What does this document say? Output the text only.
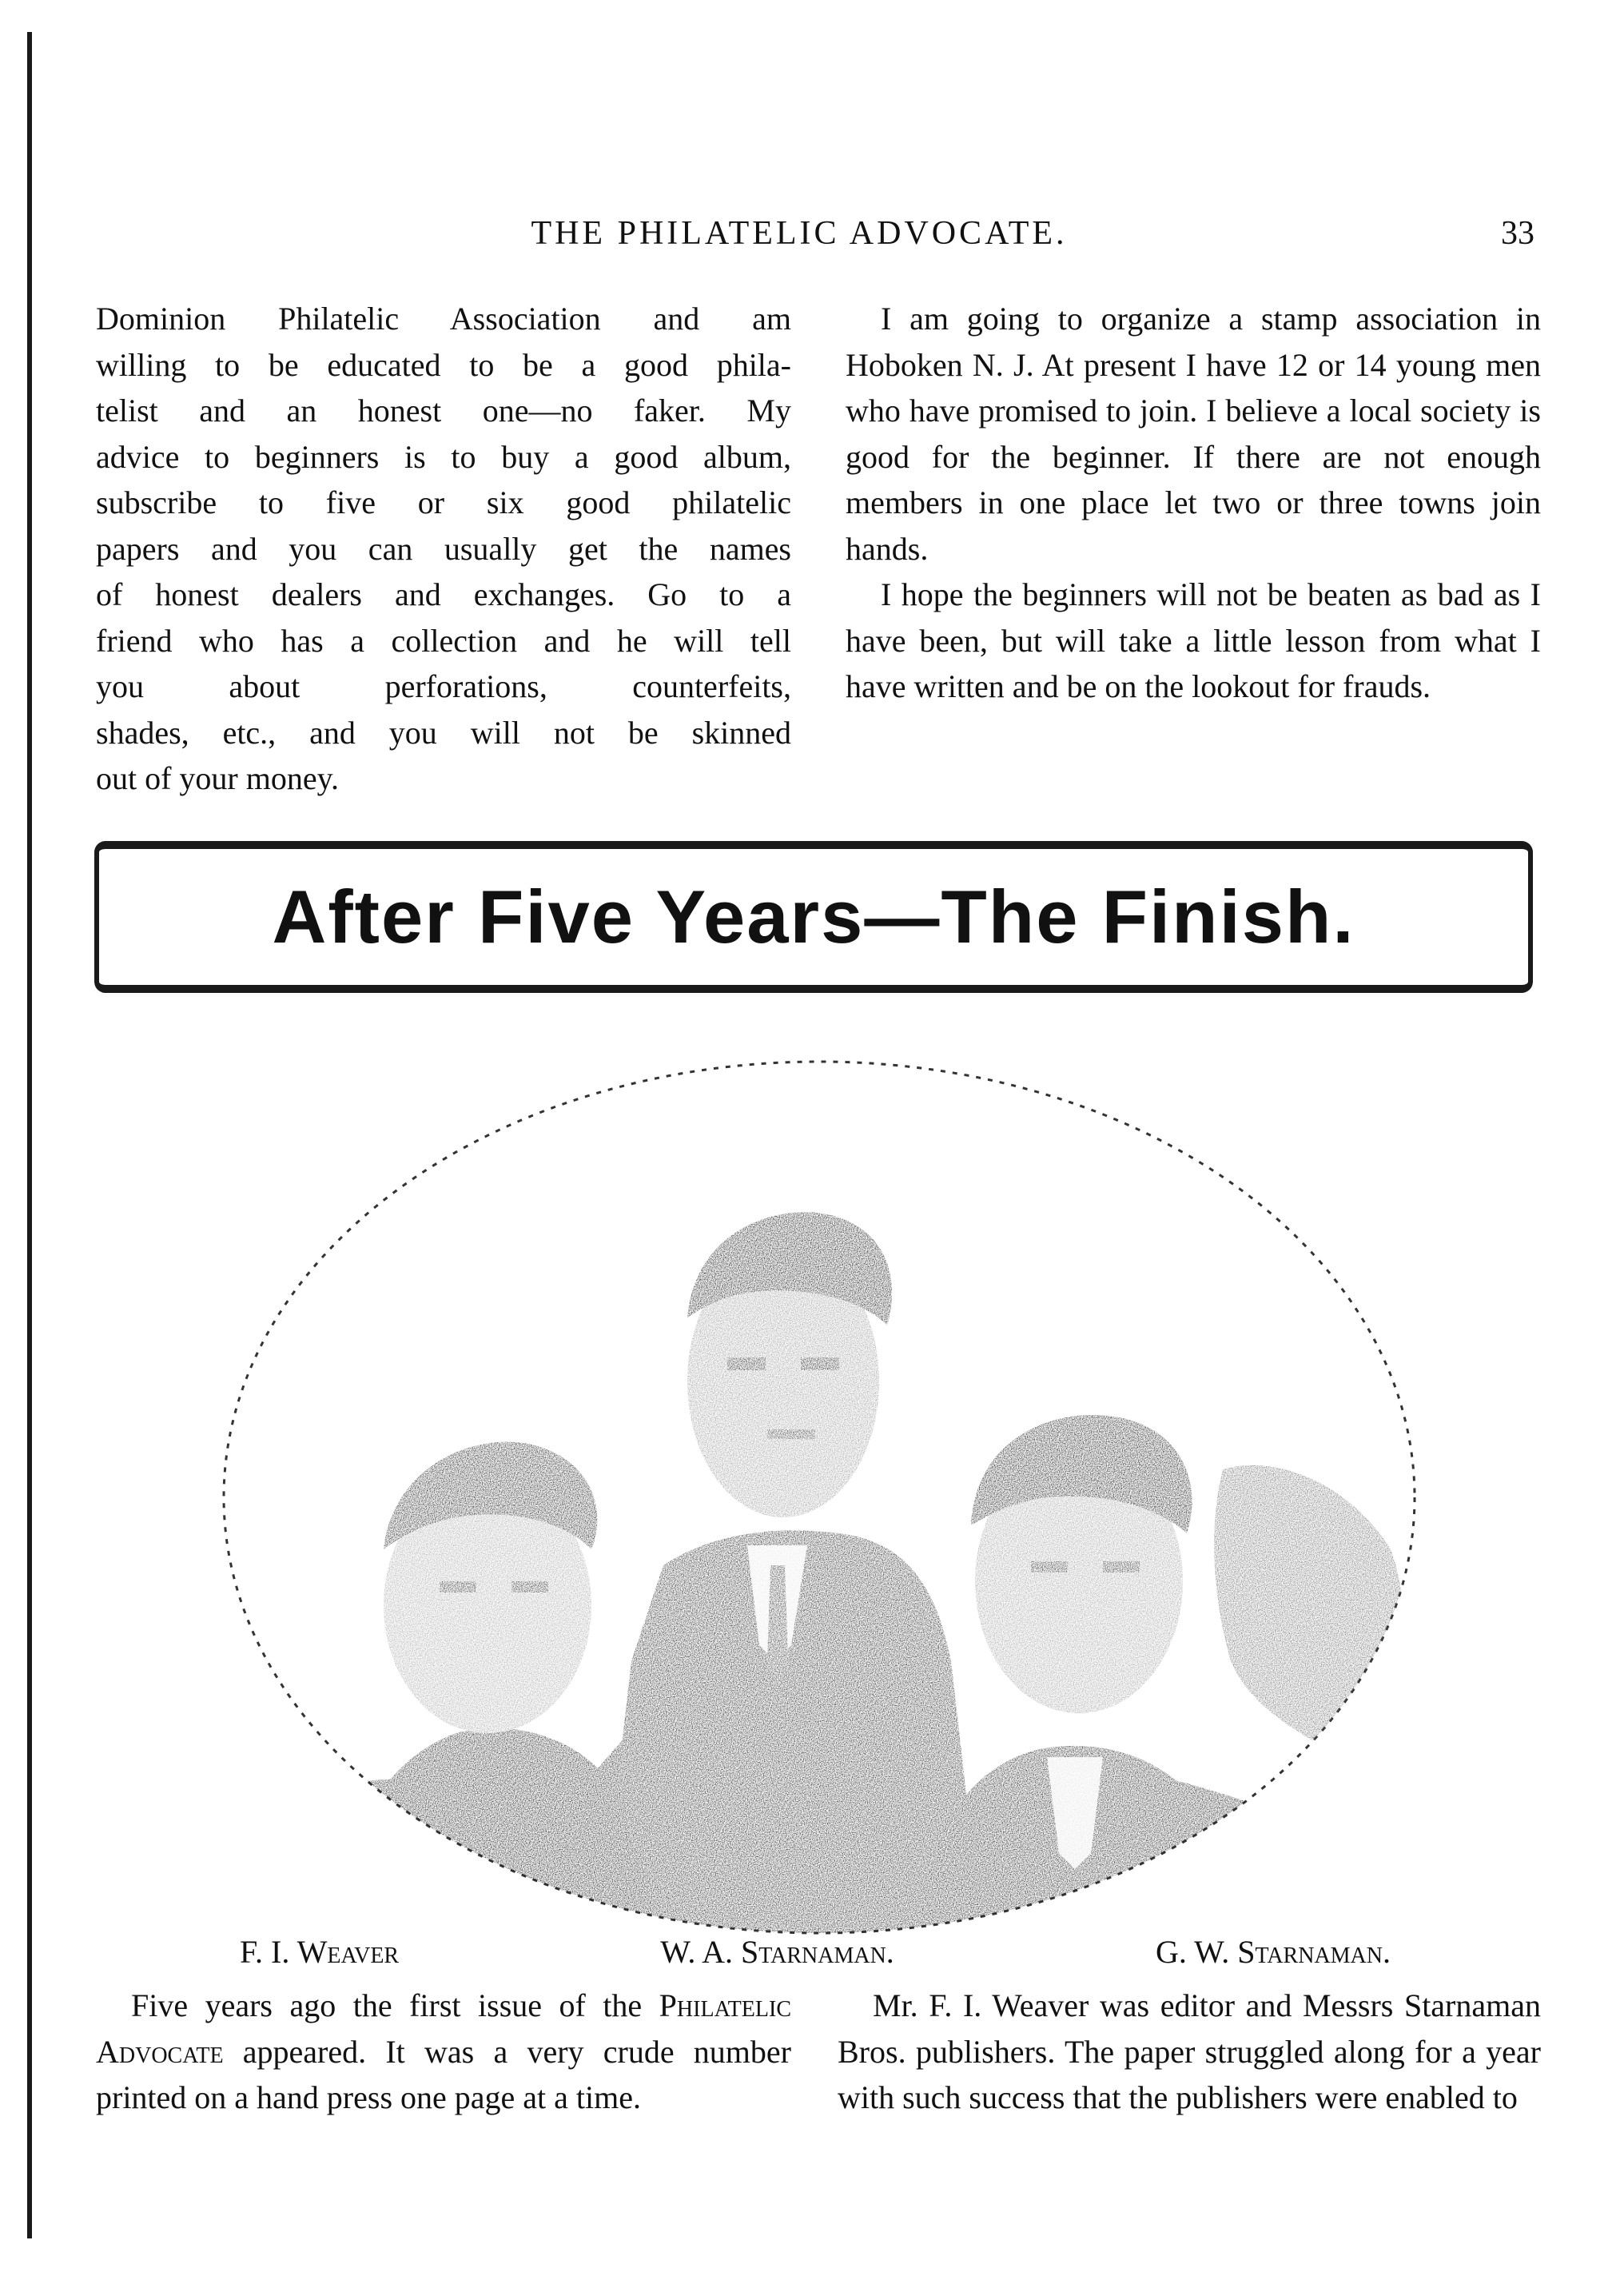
THE PHILATELIC ADVOCATE.	33
Dominion Philatelic Association and am
willing to be educated to be a good phila-
telist and an honest one—no faker. My
advice to beginners is to buy a good album,
subscribe to five or six good philatelic
papers and you can usually get the names
of honest dealers and exchanges. Go to a
friend who has a collection and he will tell
you about perforations, counterfeits,
shades, etc., and you will not be skinned
out of your money.

I am going to organize a stamp association in Hoboken N. J. At present I have 12 or 14 young men who have promised to join. I believe a local society is good for the beginner. If there are not enough members in one place let two or three towns join hands.

I hope the beginners will not be beaten as bad as I have been, but will take a little lesson from what I have written and be on the lookout for frauds.

After Five Years—The Finish.
F. I. Weaver	W. A. Starnaman.	G. W. Starnaman.

Five years ago the first issue of the Philatelic Advocate appeared. It was a very crude number printed on a hand press one page at a time.

Mr. F. I. Weaver was editor and Messrs Starnaman Bros. publishers. The paper struggled along for a year with such success that the publishers were enabled to
